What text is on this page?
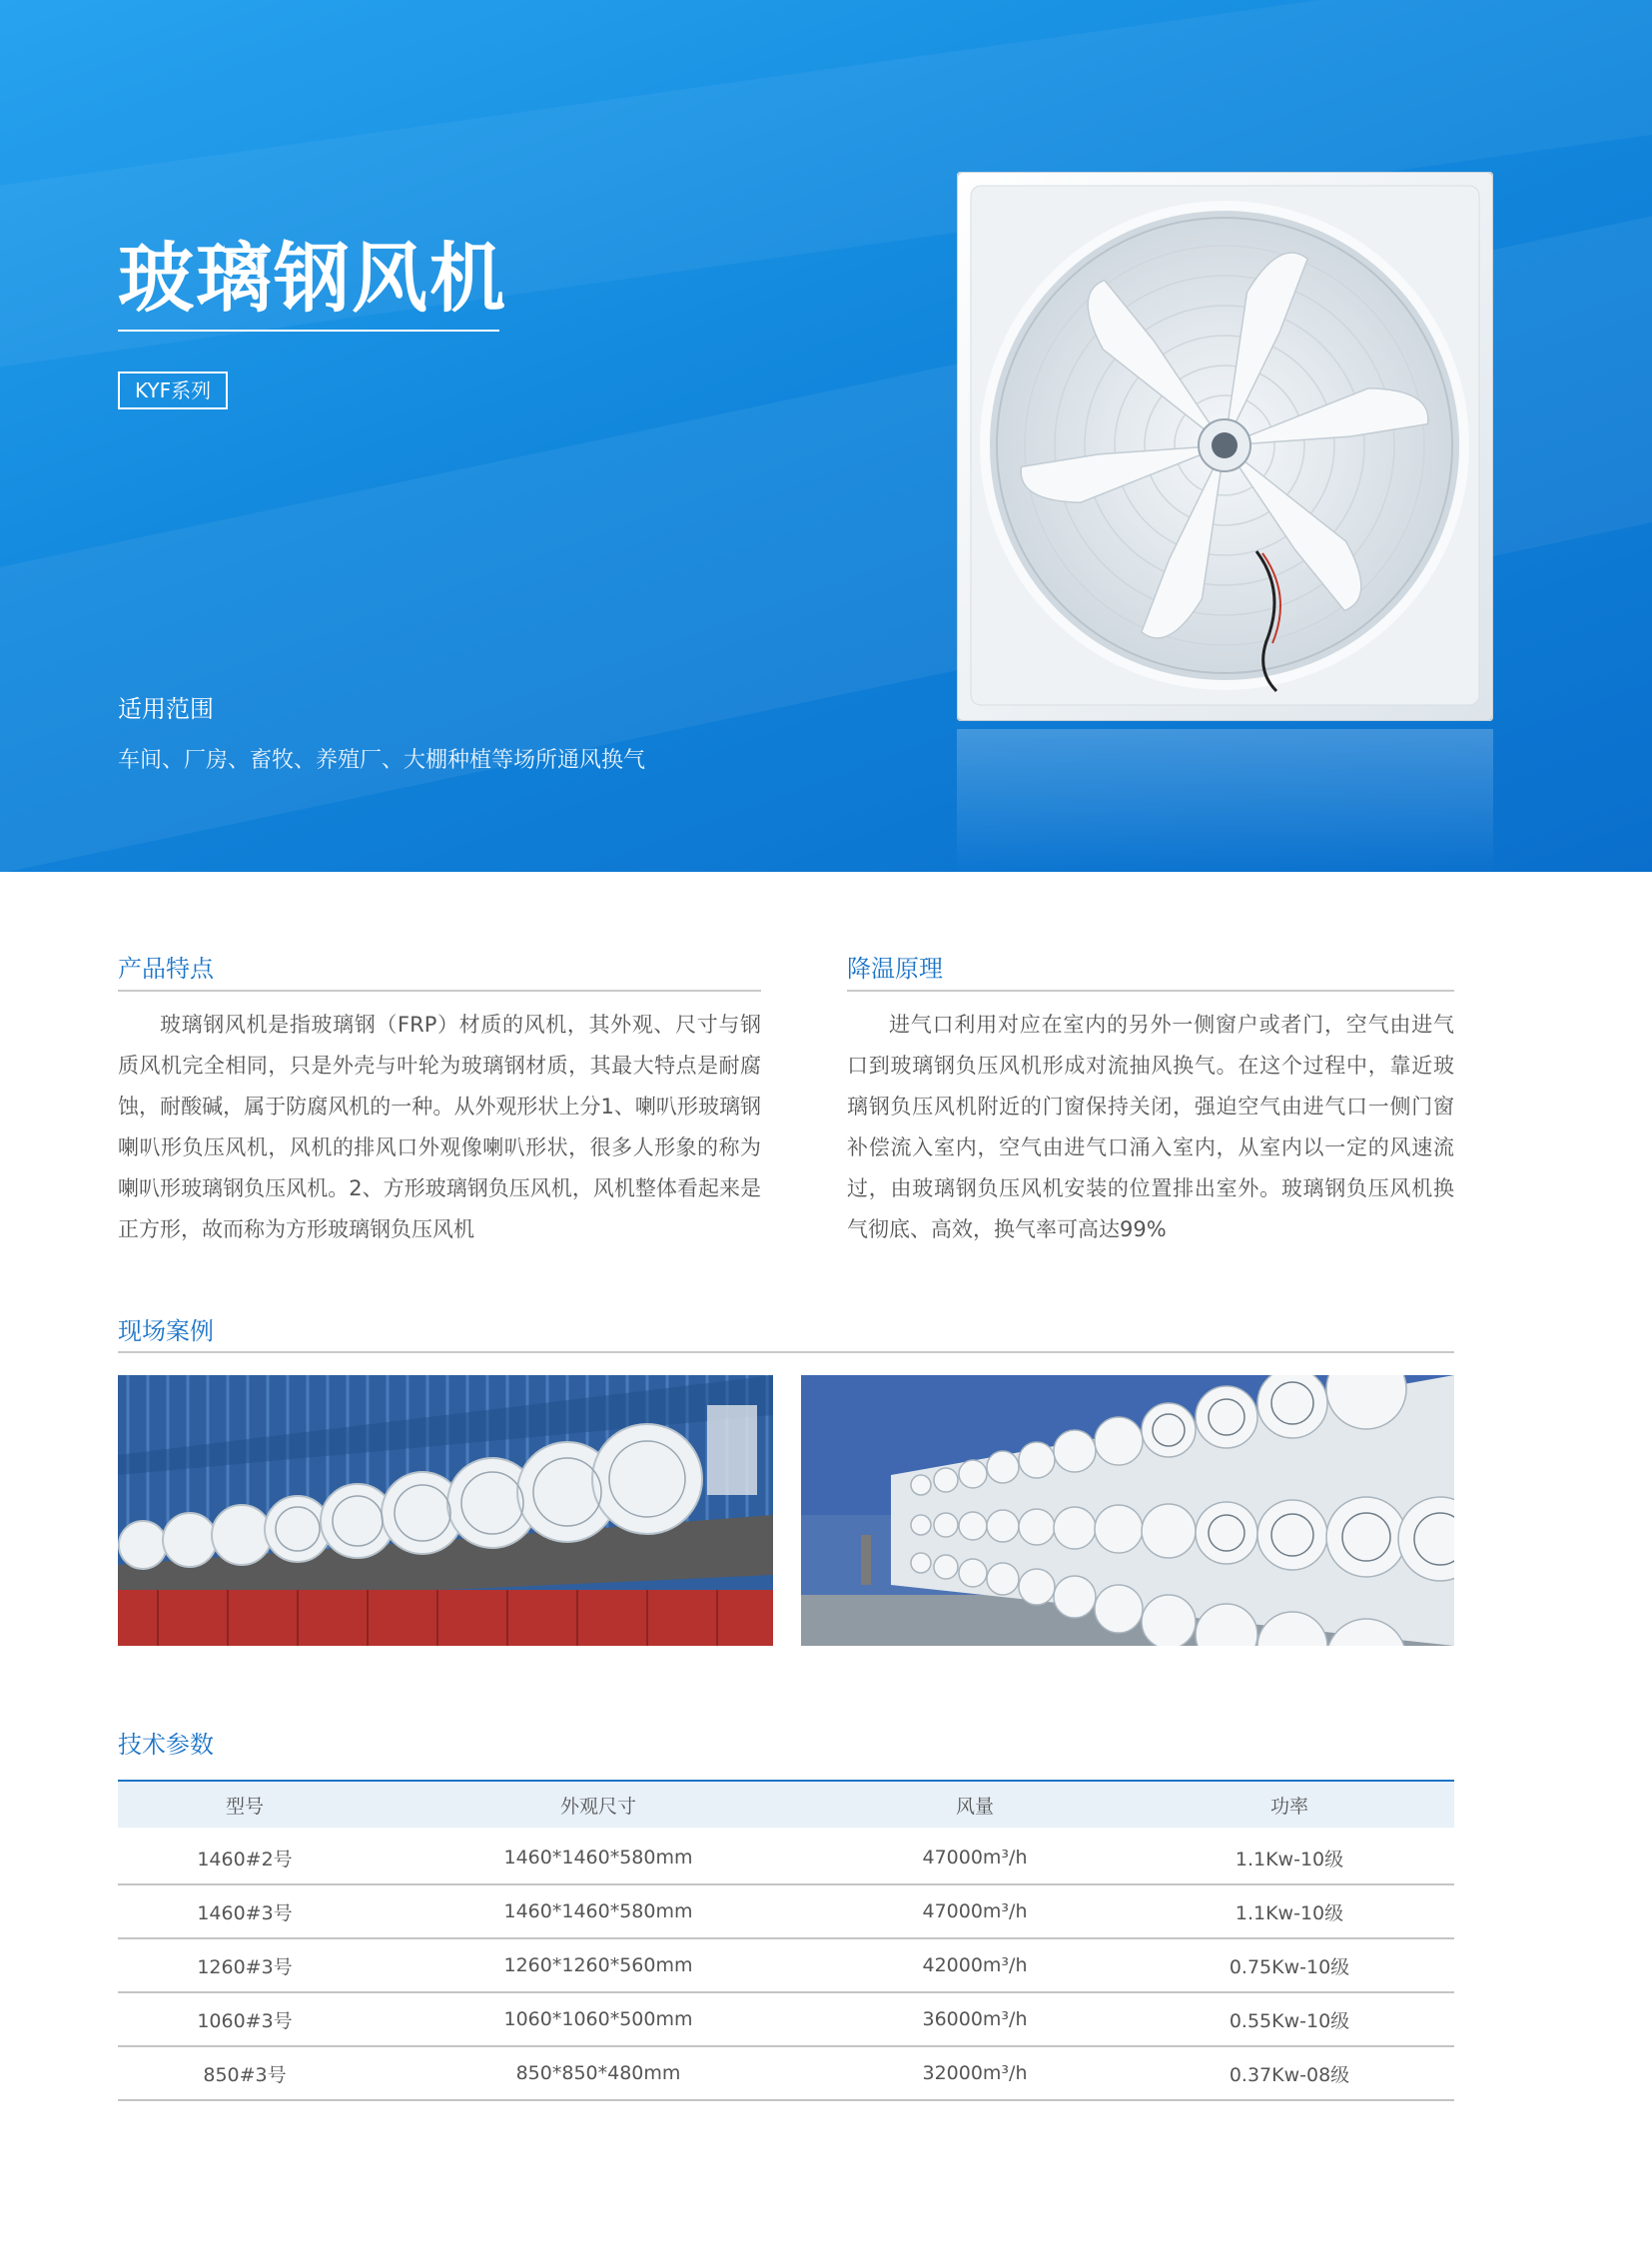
玻璃钢风机
KYF系列
适用范围
车间、厂房、畜牧、养殖厂、大棚种植等场所通风换气
产品特点

玻璃钢风机是指玻璃钢（FRP）材质的风机，其外观、尺寸与钢质风机完全相同，只是外壳与叶轮为玻璃钢材质，其最大特点是耐腐蚀，耐酸碱，属于防腐风机的一种。从外观形状上分1、喇叭形玻璃钢喇叭形负压风机，风机的排风口外观像喇叭形状，很多人形象的称为喇叭形玻璃钢负压风机。2、方形玻璃钢负压风机，风机整体看起来是正方形，故而称为方形玻璃钢负压风机

降温原理

进气口利用对应在室内的另外一侧窗户或者门，空气由进气口到玻璃钢负压风机形成对流抽风换气。在这个过程中，靠近玻璃钢负压风机附近的门窗保持关闭，强迫空气由进气口一侧门窗补偿流入室内，空气由进气口涌入室内，从室内以一定的风速流过，由玻璃钢负压风机安装的位置排出室外。玻璃钢负压风机换气彻底、高效，换气率可高达99%

现场案例
技术参数
型号	外观尺寸	风量	功率
1460#2号	1460*1460*580mm	47000m³/h	1.1Kw-10级
1460#3号	1460*1460*580mm	47000m³/h	1.1Kw-10级
1260#3号	1260*1260*560mm	42000m³/h	0.75Kw-10级
1060#3号	1060*1060*500mm	36000m³/h	0.55Kw-10级
850#3号	850*850*480mm	32000m³/h	0.37Kw-08级
